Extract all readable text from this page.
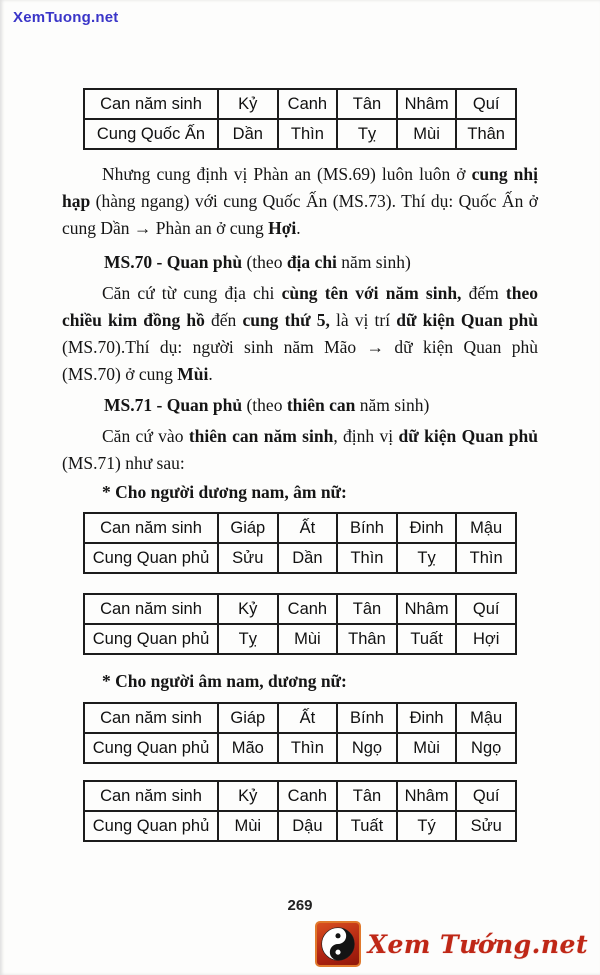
XemTuong.net
Can năm sinh	Kỷ	Canh	Tân	Nhâm	Quí
Cung Quốc Ấn	Dần	Thìn	Tỵ	Mùi	Thân

Nhưng cung định vị Phàn an (MS.69) luôn luôn ở cung nhị hạp (hàng ngang) với cung Quốc Ấn (MS.73). Thí dụ: Quốc Ấn ở cung Dần → Phàn an ở cung Hợi.

MS.70 - Quan phù (theo địa chi năm sinh)

Căn cứ từ cung địa chi cùng tên với năm sinh, đếm theo chiều kim đồng hồ đến cung thứ 5, là vị trí dữ kiện Quan phù (MS.70).Thí dụ: người sinh năm Mão → dữ kiện Quan phù (MS.70) ở cung Mùi.

MS.71 - Quan phủ (theo thiên can năm sinh)

Căn cứ vào thiên can năm sinh, định vị dữ kiện Quan phủ (MS.71) như sau:

* Cho người dương nam, âm nữ:

Can năm sinh	Giáp	Ất	Bính	Đinh	Mậu
Cung Quan phủ	Sửu	Dần	Thìn	Tỵ	Thìn
Can năm sinh	Kỷ	Canh	Tân	Nhâm	Quí
Cung Quan phủ	Tỵ	Mùi	Thân	Tuất	Hợi

* Cho người âm nam, dương nữ:

Can năm sinh	Giáp	Ất	Bính	Đinh	Mậu
Cung Quan phủ	Mão	Thìn	Ngọ	Mùi	Ngọ
Can năm sinh	Kỷ	Canh	Tân	Nhâm	Quí
Cung Quan phủ	Mùi	Dậu	Tuất	Tý	Sửu
269
Xem Tướng.net
